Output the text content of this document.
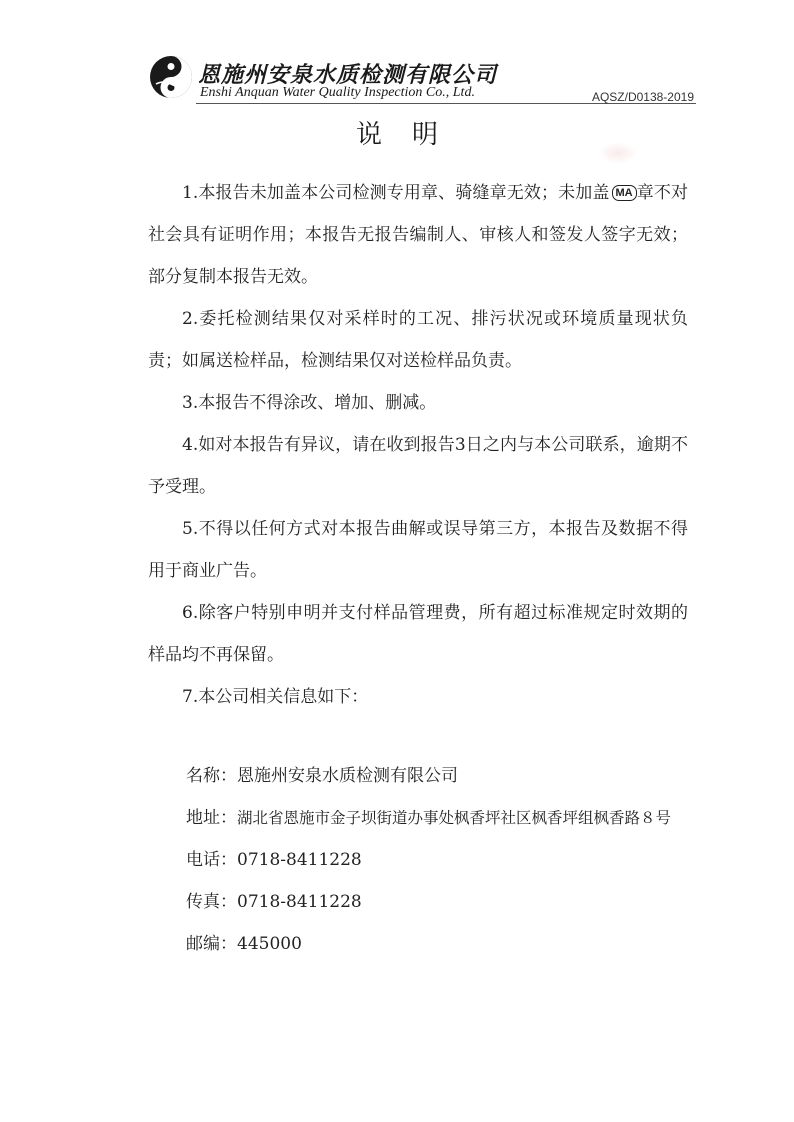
恩施州安泉水质检测有限公司
Enshi Anquan Water Quality Inspection Co., Ltd.	AQSZ/D0138-2019
说明

1.本报告未加盖本公司检测专用章、骑缝章无效；未加盖 MA 章不对社会具有证明作用；本报告无报告编制人、审核人和签发人签字无效；部分复制本报告无效。

2.委托检测结果仅对采样时的工况、排污状况或环境质量现状负责；如属送检样品，检测结果仅对送检样品负责。

3.本报告不得涂改、增加、删减。

4.如对本报告有异议，请在收到报告3日之内与本公司联系，逾期不予受理。

5.不得以任何方式对本报告曲解或误导第三方，本报告及数据不得用于商业广告。

6.除客户特别申明并支付样品管理费，所有超过标准规定时效期的样品均不再保留。

7.本公司相关信息如下：

名称：恩施州安泉水质检测有限公司
地址：湖北省恩施市金子坝街道办事处枫香坪社区枫香坪组枫香路８号
电话：0718-8411228
传真：0718-8411228
邮编：445000
